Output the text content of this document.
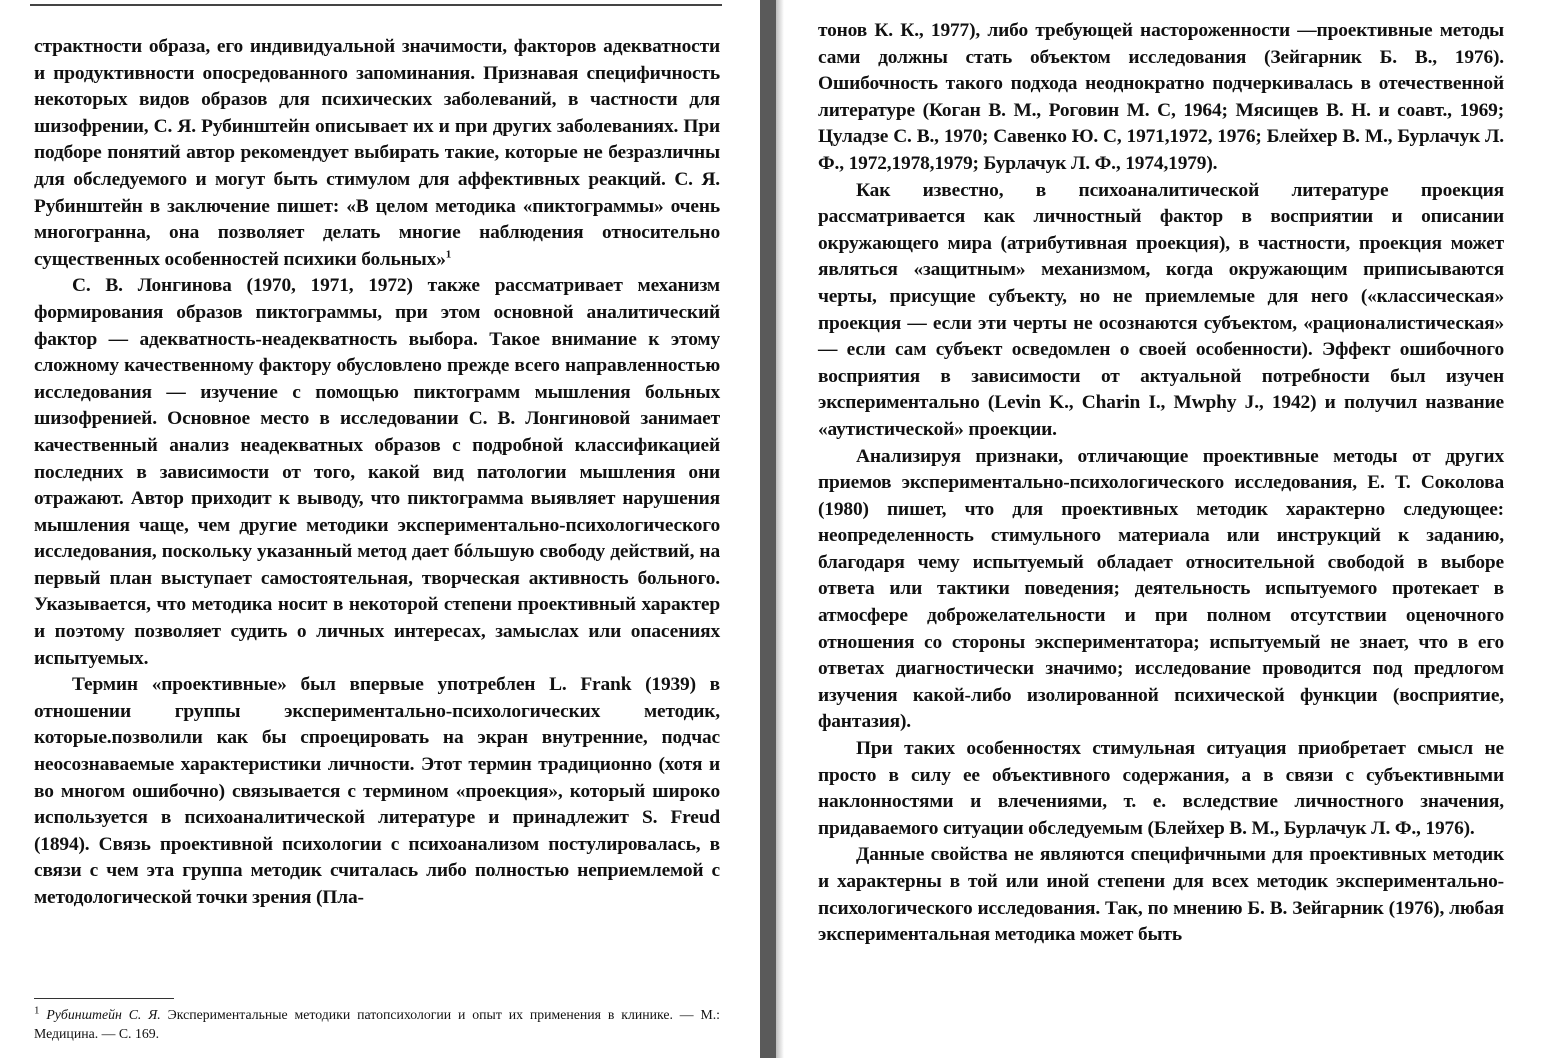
страктности образа, его индивидуальной значимости, факторов адекватности и продуктивности опосредованного запоминания. Признавая специфичность некоторых видов образов для психических заболеваний, в частности для шизофрении, С. Я. Рубинштейн описывает их и при других заболеваниях. При подборе понятий автор рекомендует выбирать такие, которые не безразличны для обследуемого и могут быть стимулом для аффективных реакций. С. Я. Рубинштейн в заключение пишет: «В целом методика «пиктограммы» очень многогранна, она позволяет делать многие наблюдения относительно существенных особенностей психики больных»$^1$

С. В. Лонгинова (1970, 1971, 1972) также рассматривает механизм формирования образов пиктограммы, при этом основной аналитический фактор — адекватность-неадекватность выбора. Такое внимание к этому сложному качественному фактору обусловлено прежде всего направленностью исследования — изучение с помощью пиктограмм мышления больных шизофренией. Основное место в исследовании С. В. Лонгиновой занимает качественный анализ неадекватных образов с подробной классификацией последних в зависимости от того, какой вид патологии мышления они отражают. Автор приходит к выводу, что пиктограмма выявляет нарушения мышления чаще, чем другие методики экспериментально-психологического исследования, поскольку указанный метод дает бóльшую свободу действий, на первый план выступает самостоятельная, творческая активность больного. Указывается, что методика носит в некоторой степени проективный характер и поэтому позволяет судить о личных интересах, замыслах или опасениях испытуемых.

Термин «проективные» был впервые употреблен L. Frank (1939) в отношении группы экспериментально-психологических методик, которые.позволили как бы спроецировать на экран внутренние, подчас неосознаваемые характеристики личности. Этот термин традиционно (хотя и во многом ошибочно) связывается с термином «проекция», который широко используется в психоаналитической литературе и принадлежит S. Freud (1894). Связь проективной психологии с психоанализом постулировалась, в связи с чем эта группа методик считалась либо полностью неприемлемой с методологической точки зрения (Пла-

$^1$ Рубинштейн С. Я. Экспериментальные методики патопсихологии и опыт их применения в клинике. — М.: Медицина. — С. 169.

тонов К. К., 1977), либо требующей настороженности —проективные методы сами должны стать объектом исследования (Зейгарник Б. В., 1976). Ошибочность такого подхода неоднократно подчеркивалась в отечественной литературе (Коган В. М., Роговин М. С, 1964; Мясищев В. Н. и соавт., 1969; Цуладзе С. В., 1970; Савенко Ю. С, 1971,1972, 1976; Блейхер В. М., Бурлачук Л. Ф., 1972,1978,1979; Бурлачук Л. Ф., 1974,1979).

Как известно, в психоаналитической литературе проекция рассматривается как личностный фактор в восприятии и описании окружающего мира (атрибутивная проекция), в частности, проекция может являться «защитным» механизмом, когда окружающим приписываются черты, присущие субъекту, но не приемлемые для него («классическая» проекция — если эти черты не осознаются субъектом, «рационалистическая» — если сам субъект осведомлен о своей особенности). Эффект ошибочного восприятия в зависимости от актуальной потребности был изучен экспериментально (Levin K., Charin I., Mwphy J., 1942) и получил название «аутистической» проекции.

Анализируя признаки, отличающие проективные методы от других приемов экспериментально-психологического исследования, Е. Т. Соколова (1980) пишет, что для проективных методик характерно следующее: неопределенность стимульного материала или инструкций к заданию, благодаря чему испытуемый обладает относительной свободой в выборе ответа или тактики поведения; деятельность испытуемого протекает в атмосфере доброжелательности и при полном отсутствии оценочного отношения со стороны экспериментатора; испытуемый не знает, что в его ответах диагностически значимо; исследование проводится под предлогом изучения какой-либо изолированной психической функции (восприятие, фантазия).

При таких особенностях стимульная ситуация приобретает смысл не просто в силу ее объективного содержания, а в связи с субъективными наклонностями и влечениями, т. е. вследствие личностного значения, придаваемого ситуации обследуемым (Блейхер В. М., Бурлачук Л. Ф., 1976).

Данные свойства не являются специфичными для проективных методик и характерны в той или иной степени для всех методик экспериментально-психологического исследования. Так, по мнению Б. В. Зейгарник (1976), любая экспериментальная методика может быть
